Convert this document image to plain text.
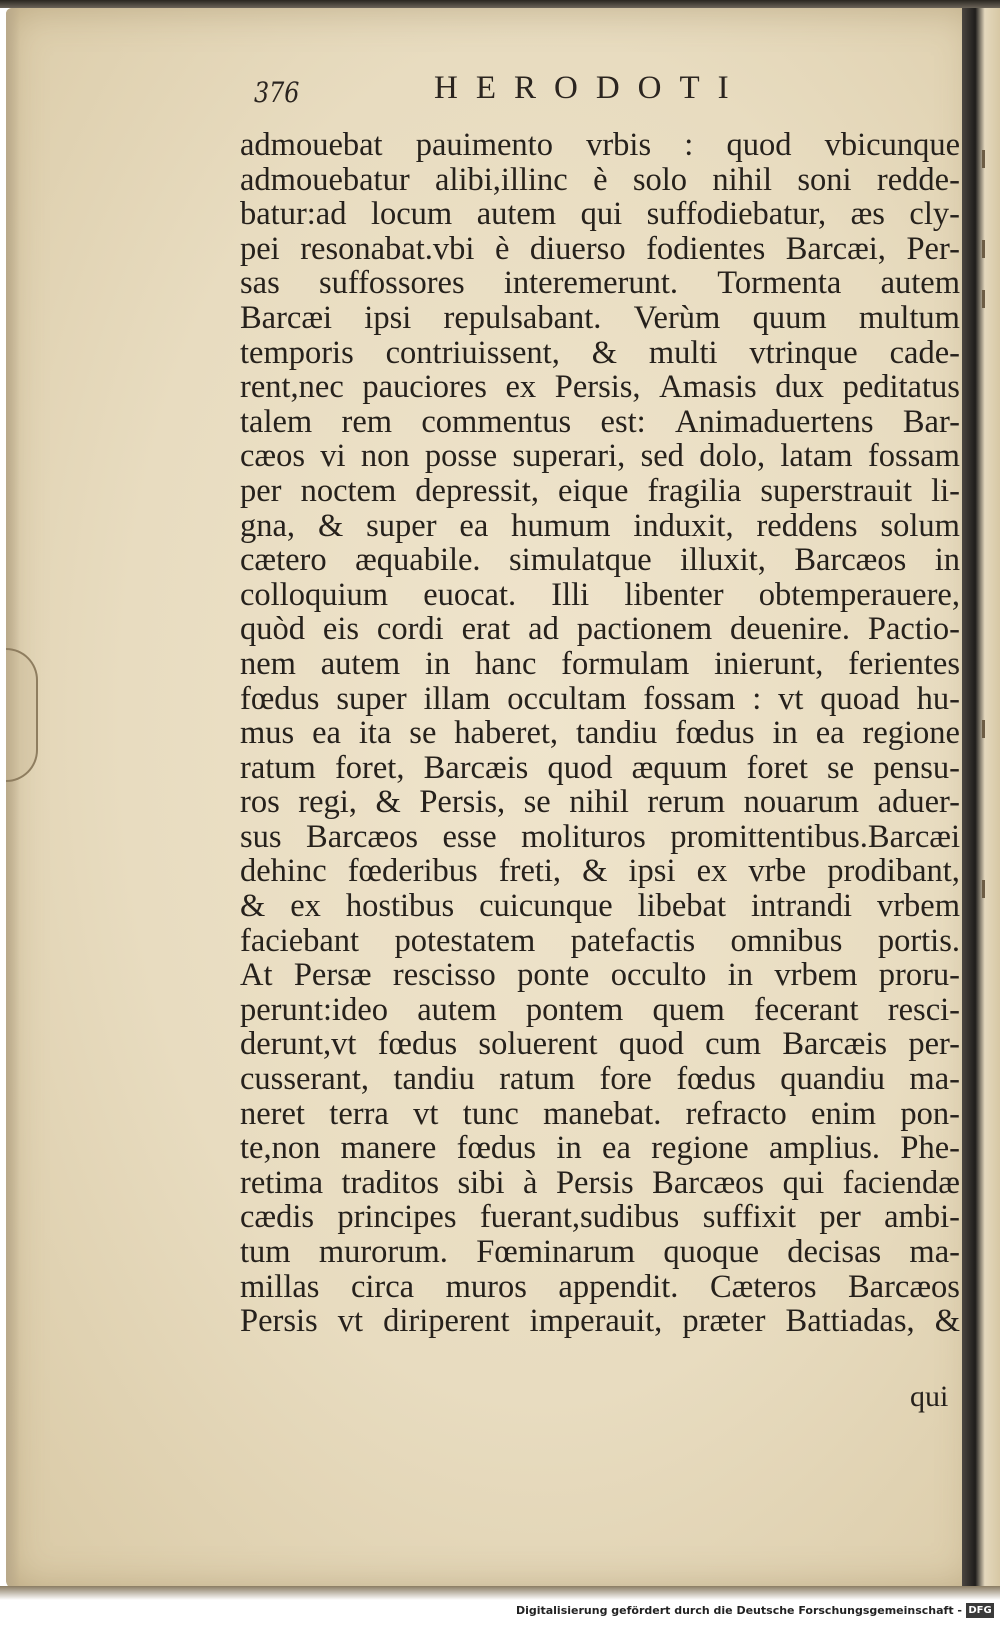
376	HERODOTI
admouebat pauimento vrbis : quod vbicunque
admouebatur alibi,illinc è solo nihil soni redde-
batur:ad locum autem qui suffodiebatur, æs cly-
pei resonabat.vbi è diuerso fodientes Barcæi, Per-
sas suffossores interemerunt. Tormenta autem
Barcæi ipsi repulsabant. Verùm quum multum
temporis contriuissent, & multi vtrinque cade-
rent,nec pauciores ex Persis, Amasis dux peditatus
talem rem commentus est: Animaduertens Bar-
cæos vi non posse superari, sed dolo, latam fossam
per noctem depressit, eique fragilia superstrauit li-
gna, & super ea humum induxit, reddens solum
cætero æquabile. simulatque illuxit, Barcæos in
colloquium euocat. Illi libenter obtemperauere,
quòd eis cordi erat ad pactionem deuenire. Pactio-
nem autem in hanc formulam inierunt, ferientes
fœdus super illam occultam fossam : vt quoad hu-
mus ea ita se haberet, tandiu fœdus in ea regione
ratum foret, Barcæis quod æquum foret se pensu-
ros regi, & Persis, se nihil rerum nouarum aduer-
sus Barcæos esse molituros promittentibus.Barcæi
dehinc fœderibus freti, & ipsi ex vrbe prodibant,
& ex hostibus cuicunque libebat intrandi vrbem
faciebant potestatem patefactis omnibus portis.
At Persæ rescisso ponte occulto in vrbem proru-
perunt:ideo autem pontem quem fecerant resci-
derunt,vt fœdus soluerent quod cum Barcæis per-
cusserant, tandiu ratum fore fœdus quandiu ma-
neret terra vt tunc manebat. refracto enim pon-
te,non manere fœdus in ea regione amplius. Phe-
retima traditos sibi à Persis Barcæos qui faciendæ
cædis principes fuerant,sudibus suffixit per ambi-
tum murorum. Fœminarum quoque decisas ma-
millas circa muros appendit. Cæteros Barcæos
Persis vt diriperent imperauit, præter Battiadas, &
qui
Digitalisierung gefördert durch die Deutsche Forschungsgemeinschaft - DFG
